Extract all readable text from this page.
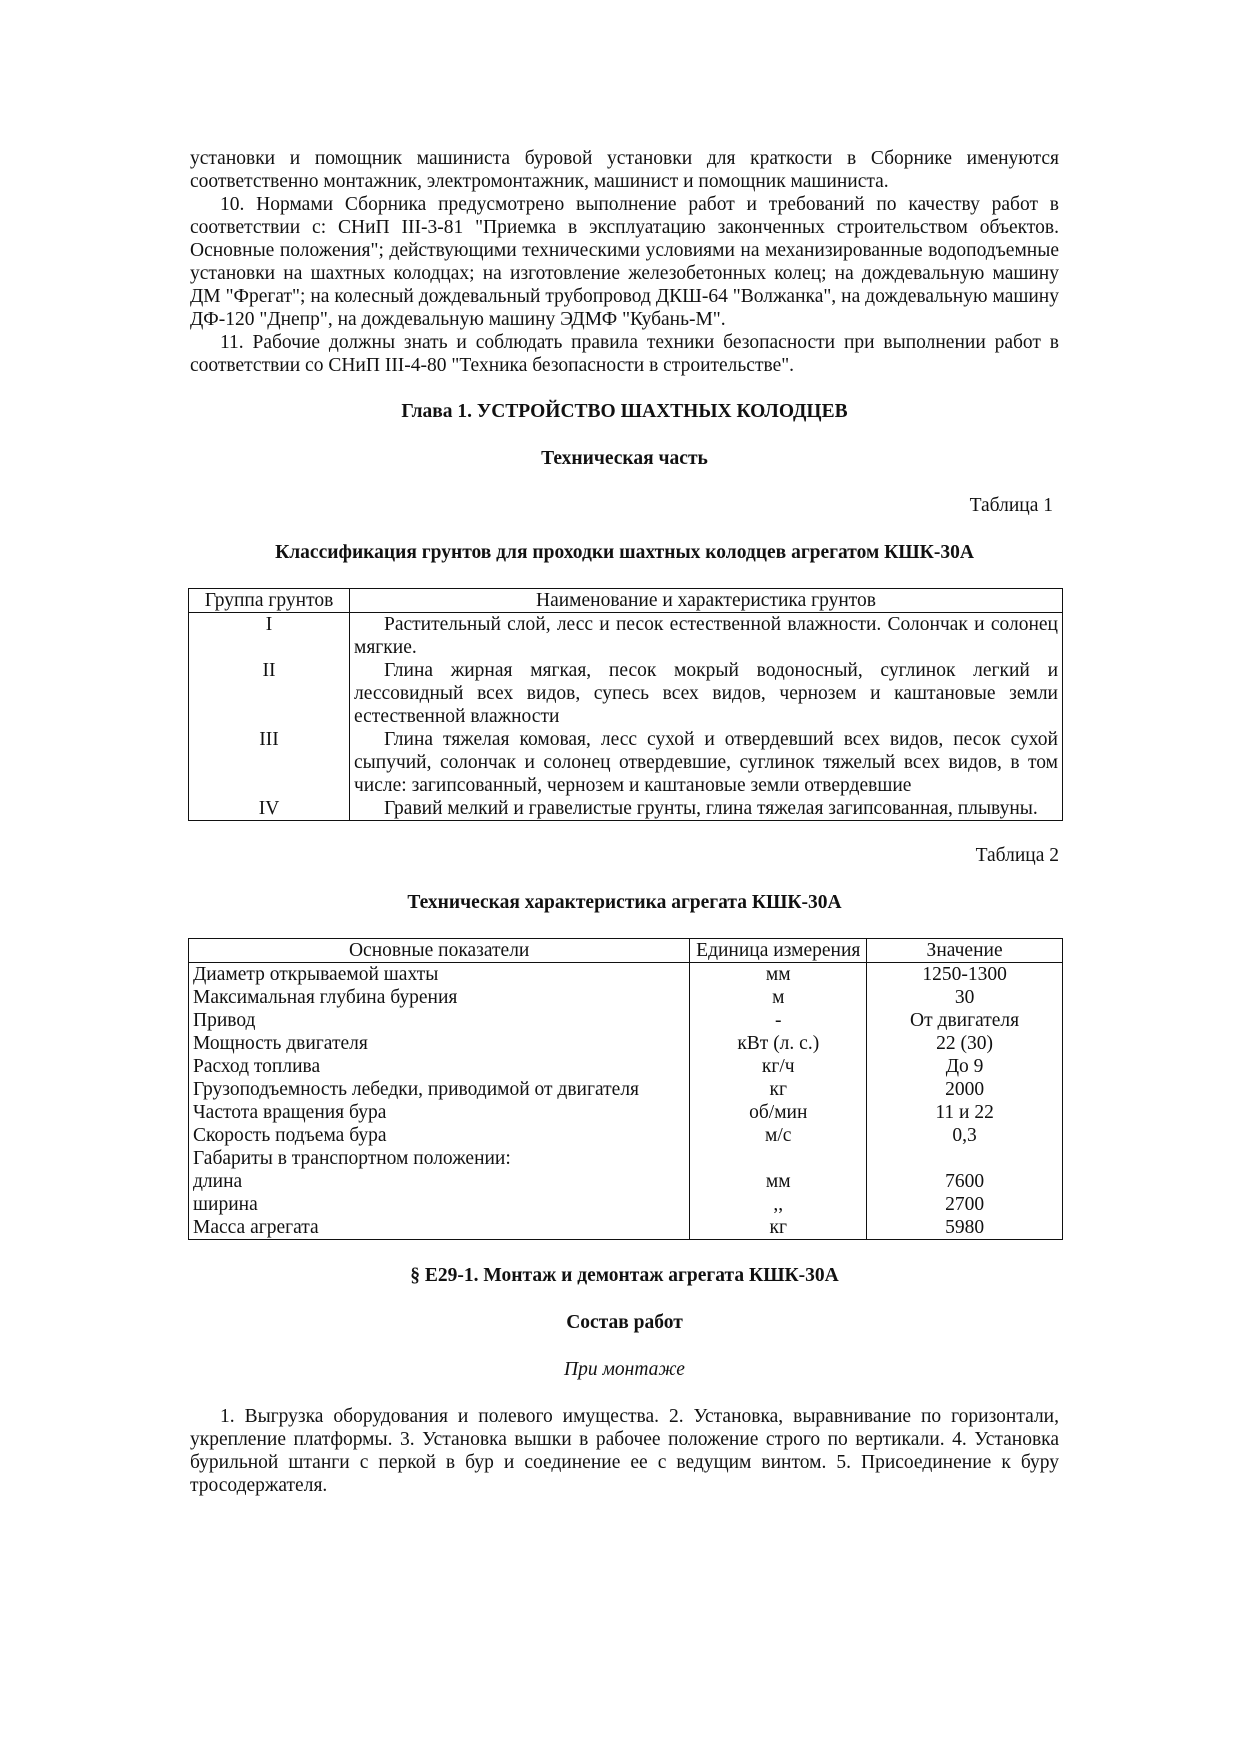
установки и помощник машиниста буровой установки для краткости в Сборнике именуются соответственно монтажник, электромонтажник, машинист и помощник машиниста.

10. Нормами Сборника предусмотрено выполнение работ и требований по качеству работ в соответствии с: СНиП III-3-81 "Приемка в эксплуатацию законченных строительством объектов. Основные положения"; действующими техническими условиями на механизированные водоподъемные установки на шахтных колодцах; на изготовление железобетонных колец; на дождевальную машину ДМ "Фрегат"; на колесный дождевальный трубопровод ДКШ-64 "Волжанка", на дождевальную машину ДФ-120 "Днепр", на дождевальную машину ЭДМФ "Кубань-М".

11. Рабочие должны знать и соблюдать правила техники безопасности при выполнении работ в соответствии со СНиП III-4-80 "Техника безопасности в строительстве".

Глава 1. УСТРОЙСТВО ШАХТНЫХ КОЛОДЦЕВ
Техническая часть
Таблица 1
Классификация грунтов для проходки шахтных колодцев агрегатом КШК-30А
Группа грунтов	Наименование и характеристика грунтов
I	Растительный слой, лесс и песок естественной влажности. Солончак и солонец мягкие.
II	Глина жирная мягкая, песок мокрый водоносный, суглинок легкий и лессовидный всех видов, супесь всех видов, чернозем и каштановые земли естественной влажности
III	Глина тяжелая комовая, лесс сухой и отвердевший всех видов, песок сухой сыпучий, солончак и солонец отвердевшие, суглинок тяжелый всех видов, в том числе: загипсованный, чернозем и каштановые земли отвердевшие
IV	Гравий мелкий и гравелистые грунты, глина тяжелая загипсованная, плывуны.
Таблица 2
Техническая характеристика агрегата КШК-30А
Основные показатели	Единица измерения	Значение
Диаметр открываемой шахты	мм	1250-1300
Максимальная глубина бурения	м	30
Привод	-	От двигателя
Мощность двигателя	кВт (л. с.)	22 (30)
Расход топлива	кг/ч	До 9
Грузоподъемность лебедки, приводимой от двигателя	кг	2000
Частота вращения бура	об/мин	11 и 22
Скорость подъема бура	м/с	0,3
Габариты в транспортном положении:		
длина	мм	7600
ширина	,,	2700
Масса агрегата	кг	5980
§ Е29-1. Монтаж и демонтаж агрегата КШК-30А
Состав работ
При монтаже

1. Выгрузка оборудования и полевого имущества. 2. Установка, выравнивание по горизонтали, укрепление платформы. 3. Установка вышки в рабочее положение строго по вертикали. 4. Установка бурильной штанги с перкой в бур и соединение ее с ведущим винтом. 5. Присоединение к буру тросодержателя.
